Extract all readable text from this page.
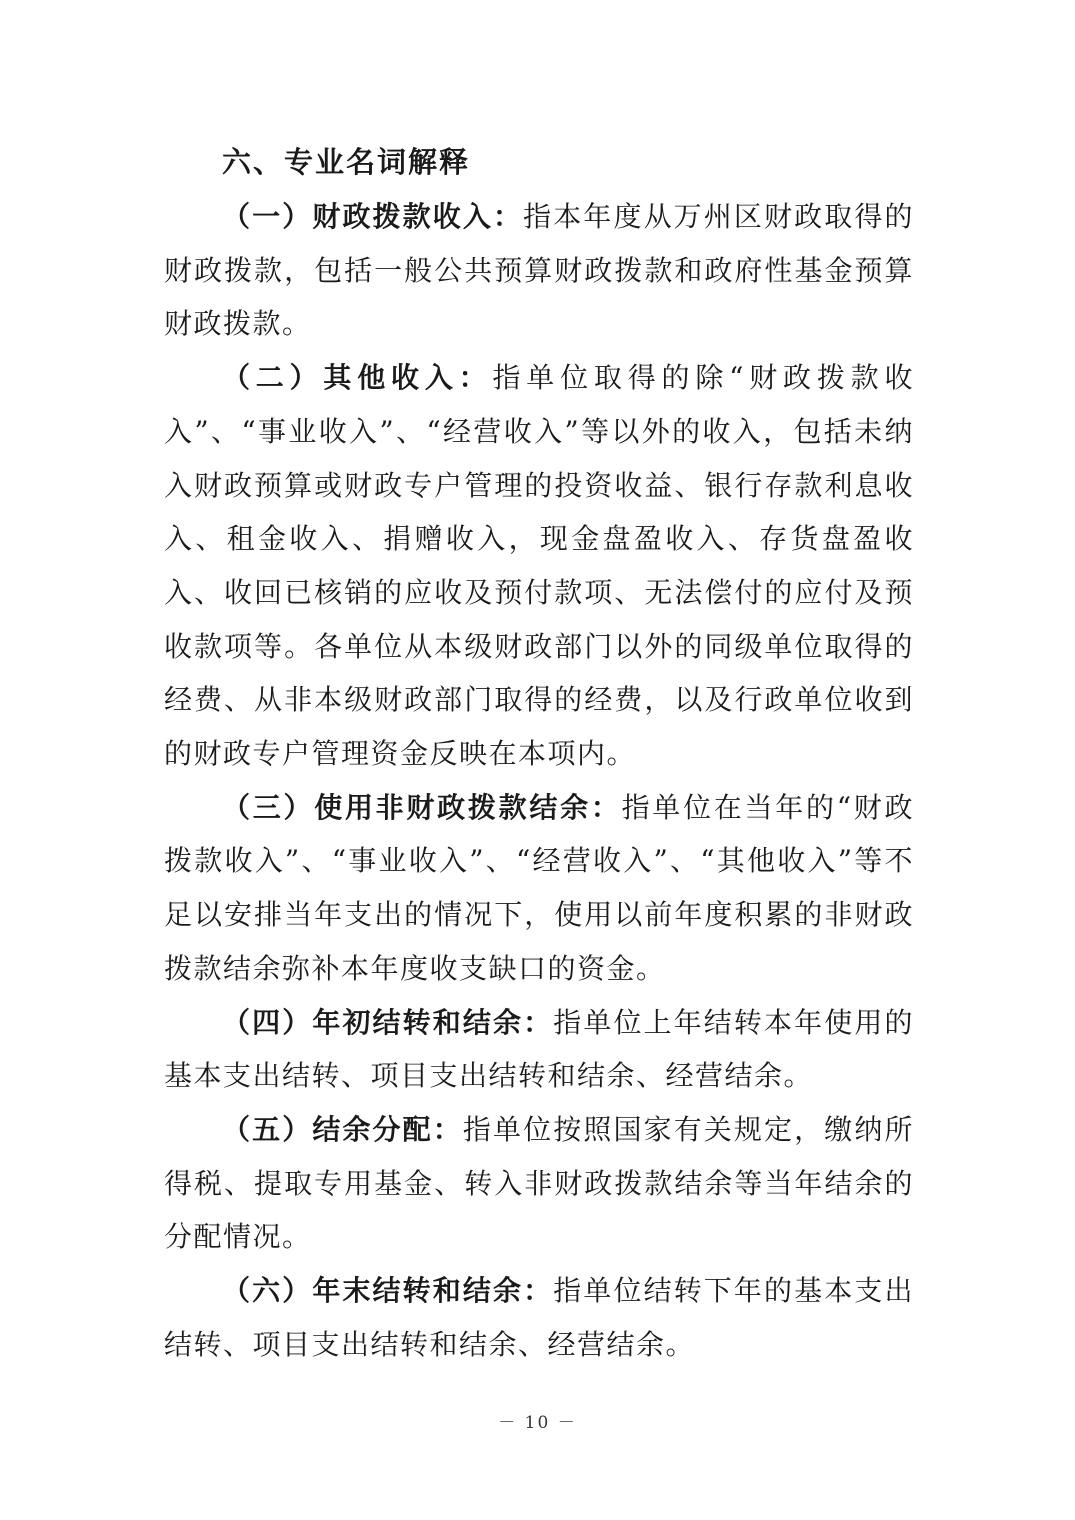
六、专业名词解释

（一）财政拨款收入：指本年度从万州区财政取得的财政拨款，包括一般公共预算财政拨款和政府性基金预算财政拨款。

（二）其他收入：指单位取得的除“财政拨款收入”、“事业收入”、“经营收入”等以外的收入，包括未纳入财政预算或财政专户管理的投资收益、银行存款利息收入、租金收入、捐赠收入，现金盘盈收入、存货盘盈收入、收回已核销的应收及预付款项、无法偿付的应付及预收款项等。各单位从本级财政部门以外的同级单位取得的经费、从非本级财政部门取得的经费，以及行政单位收到的财政专户管理资金反映在本项内。

（三）使用非财政拨款结余：指单位在当年的“财政拨款收入”、“事业收入”、“经营收入”、“其他收入”等不足以安排当年支出的情况下，使用以前年度积累的非财政拨款结余弥补本年度收支缺口的资金。

（四）年初结转和结余：指单位上年结转本年使用的基本支出结转、项目支出结转和结余、经营结余。

（五）结余分配：指单位按照国家有关规定，缴纳所得税、提取专用基金、转入非财政拨款结余等当年结余的分配情况。

（六）年末结转和结余：指单位结转下年的基本支出结转、项目支出结转和结余、经营结余。

－ 10 －
